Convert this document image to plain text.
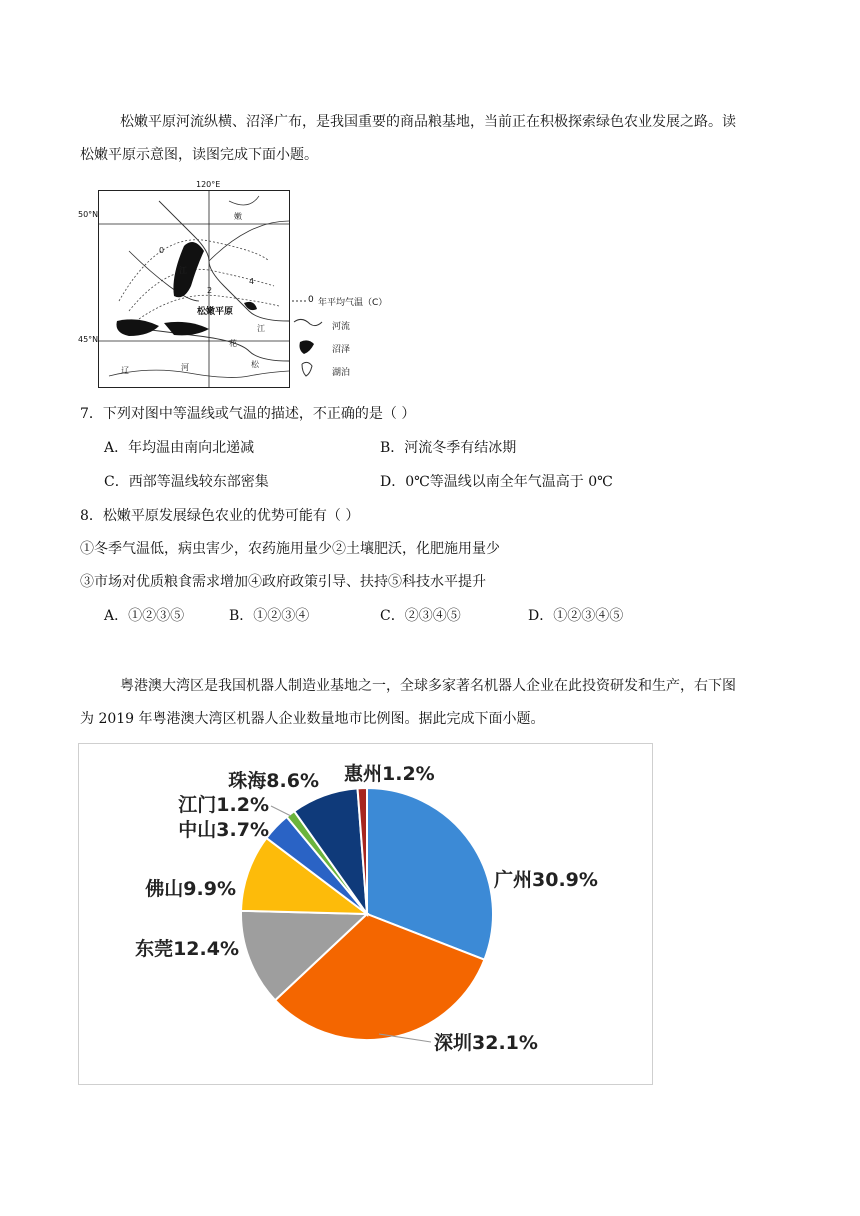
松嫩平原河流纵横、沼泽广布，是我国重要的商品粮基地，当前正在积极探索绿色农业发展之路。读
松嫩平原示意图，读图完成下面小题。
嫩
江
0
2
4
松嫩平原
江
花
松
辽	河
50°N
45°N
120°E
0 年平均气温（C）
河流
沼泽
湖泊
7．下列对图中等温线或气温的描述，不正确的是（ ）
A．年均温由南向北递减	B．河流冬季有结冰期
C．西部等温线较东部密集	D．0℃等温线以南全年气温高于 0℃
8．松嫩平原发展绿色农业的优势可能有（ ）
①冬季气温低，病虫害少，农药施用量少②土壤肥沃，化肥施用量少
③市场对优质粮食需求增加④政府政策引导、扶持⑤科技水平提升
A．①②③⑤	B．①②③④	C．②③④⑤	D．①②③④⑤
粤港澳大湾区是我国机器人制造业基地之一，全球多家著名机器人企业在此投资研发和生产，右下图
为 2019 年粤港澳大湾区机器人企业数量地市比例图。据此完成下面小题。
广州30.9%
深圳32.1%
东莞12.4%
佛山9.9%
中山3.7%
江门1.2%
珠海8.6% 惠州1.2%
